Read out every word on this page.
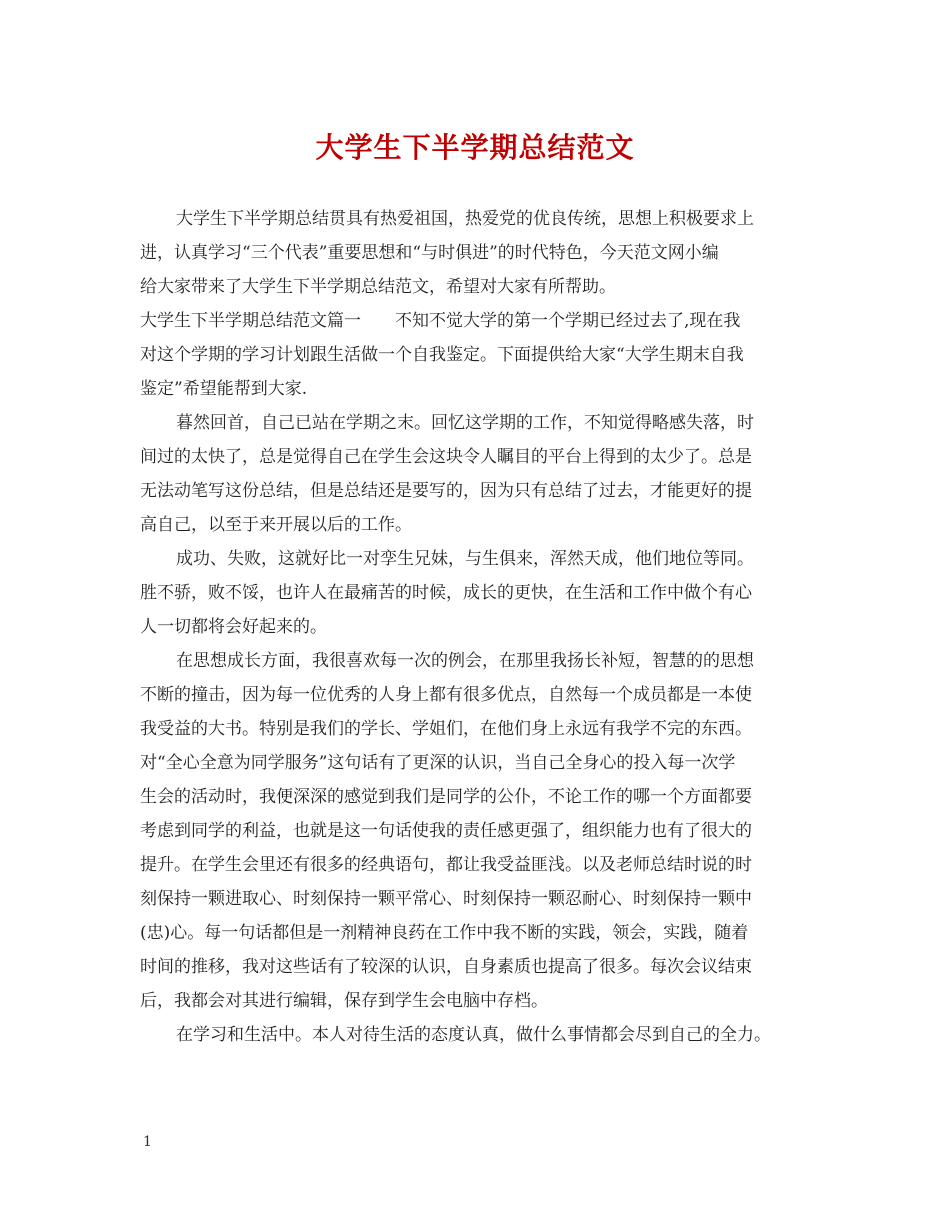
大学生下半学期总结范文
大学生下半学期总结贯具有热爱祖国，热爱党的优良传统，思想上积极要求上
进，认真学习“三个代表”重要思想和“与时俱进”的时代特色，今天范文网小编
给大家带来了大学生下半学期总结范文，希望对大家有所帮助。
大学生下半学期总结范文篇一 不知不觉大学的第一个学期已经过去了,现在我
对这个学期的学习计划跟生活做一个自我鉴定。下面提供给大家“大学生期末自我
鉴定”希望能帮到大家.
暮然回首，自己已站在学期之末。回忆这学期的工作，不知觉得略感失落，时
间过的太快了，总是觉得自己在学生会这块令人瞩目的平台上得到的太少了。总是
无法动笔写这份总结，但是总结还是要写的，因为只有总结了过去，才能更好的提
高自己，以至于来开展以后的工作。
成功、失败，这就好比一对孪生兄妹，与生俱来，浑然天成，他们地位等同。
胜不骄，败不馁，也许人在最痛苦的时候，成长的更快，在生活和工作中做个有心
人一切都将会好起来的。
在思想成长方面，我很喜欢每一次的例会，在那里我扬长补短，智慧的的思想
不断的撞击，因为每一位优秀的人身上都有很多优点，自然每一个成员都是一本使
我受益的大书。特别是我们的学长、学姐们，在他们身上永远有我学不完的东西。
对“全心全意为同学服务”这句话有了更深的认识，当自己全身心的投入每一次学
生会的活动时，我便深深的感觉到我们是同学的公仆，不论工作的哪一个方面都要
考虑到同学的利益，也就是这一句话使我的责任感更强了，组织能力也有了很大的
提升。在学生会里还有很多的经典语句，都让我受益匪浅。以及老师总结时说的时
刻保持一颗进取心、时刻保持一颗平常心、时刻保持一颗忍耐心、时刻保持一颗中
(忠)心。每一句话都但是一剂精神良药在工作中我不断的实践，领会，实践，随着
时间的推移，我对这些话有了较深的认识，自身素质也提高了很多。每次会议结束
后，我都会对其进行编辑，保存到学生会电脑中存档。
在学习和生活中。本人对待生活的态度认真，做什么事情都会尽到自己的全力。
1
